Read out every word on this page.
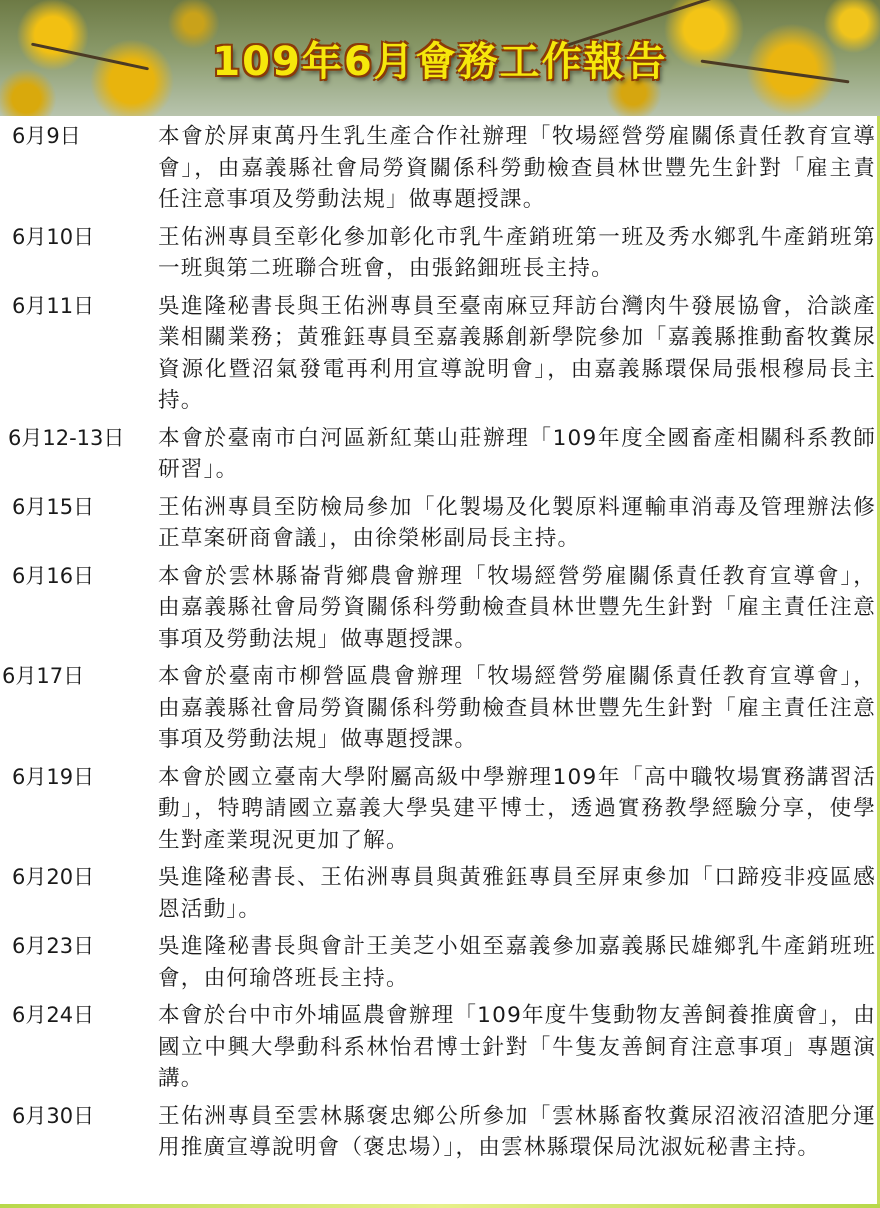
109年6月會務工作報告
6月9日	本會於屏東萬丹生乳生產合作社辦理「牧場經營勞雇關係責任教育宣導會」，由嘉義縣社會局勞資關係科勞動檢查員林世豐先生針對「雇主責任注意事項及勞動法規」做專題授課。
6月10日	王佑洲專員至彰化參加彰化市乳牛產銷班第一班及秀水鄉乳牛產銷班第一班與第二班聯合班會，由張銘鈿班長主持。
6月11日	吳進隆秘書長與王佑洲專員至臺南麻豆拜訪台灣肉牛發展協會，洽談產業相關業務；黃雅鈺專員至嘉義縣創新學院參加「嘉義縣推動畜牧糞尿資源化暨沼氣發電再利用宣導說明會」，由嘉義縣環保局張根穆局長主持。
6月12-13日 本會於臺南市白河區新紅葉山莊辦理「109年度全國畜產相關科系教師研習」。
6月15日	王佑洲專員至防檢局參加「化製場及化製原料運輸車消毒及管理辦法修正草案研商會議」，由徐榮彬副局長主持。
6月16日	本會於雲林縣崙背鄉農會辦理「牧場經營勞雇關係責任教育宣導會」，由嘉義縣社會局勞資關係科勞動檢查員林世豐先生針對「雇主責任注意事項及勞動法規」做專題授課。
6月17日	本會於臺南市柳營區農會辦理「牧場經營勞雇關係責任教育宣導會」，由嘉義縣社會局勞資關係科勞動檢查員林世豐先生針對「雇主責任注意事項及勞動法規」做專題授課。
6月19日	本會於國立臺南大學附屬高級中學辦理109年「高中職牧場實務講習活動」，特聘請國立嘉義大學吳建平博士，透過實務教學經驗分享，使學生對產業現況更加了解。
6月20日	吳進隆秘書長、王佑洲專員與黃雅鈺專員至屏東參加「口蹄疫非疫區感恩活動」。
6月23日	吳進隆秘書長與會計王美芝小姐至嘉義參加嘉義縣民雄鄉乳牛產銷班班會，由何瑜啓班長主持。
6月24日	本會於台中市外埔區農會辦理「109年度牛隻動物友善飼養推廣會」，由國立中興大學動科系林怡君博士針對「牛隻友善飼育注意事項」專題演講。
6月30日	王佑洲專員至雲林縣褒忠鄉公所參加「雲林縣畜牧糞尿沼液沼渣肥分運用推廣宣導說明會（褒忠場）」，由雲林縣環保局沈淑妧秘書主持。
